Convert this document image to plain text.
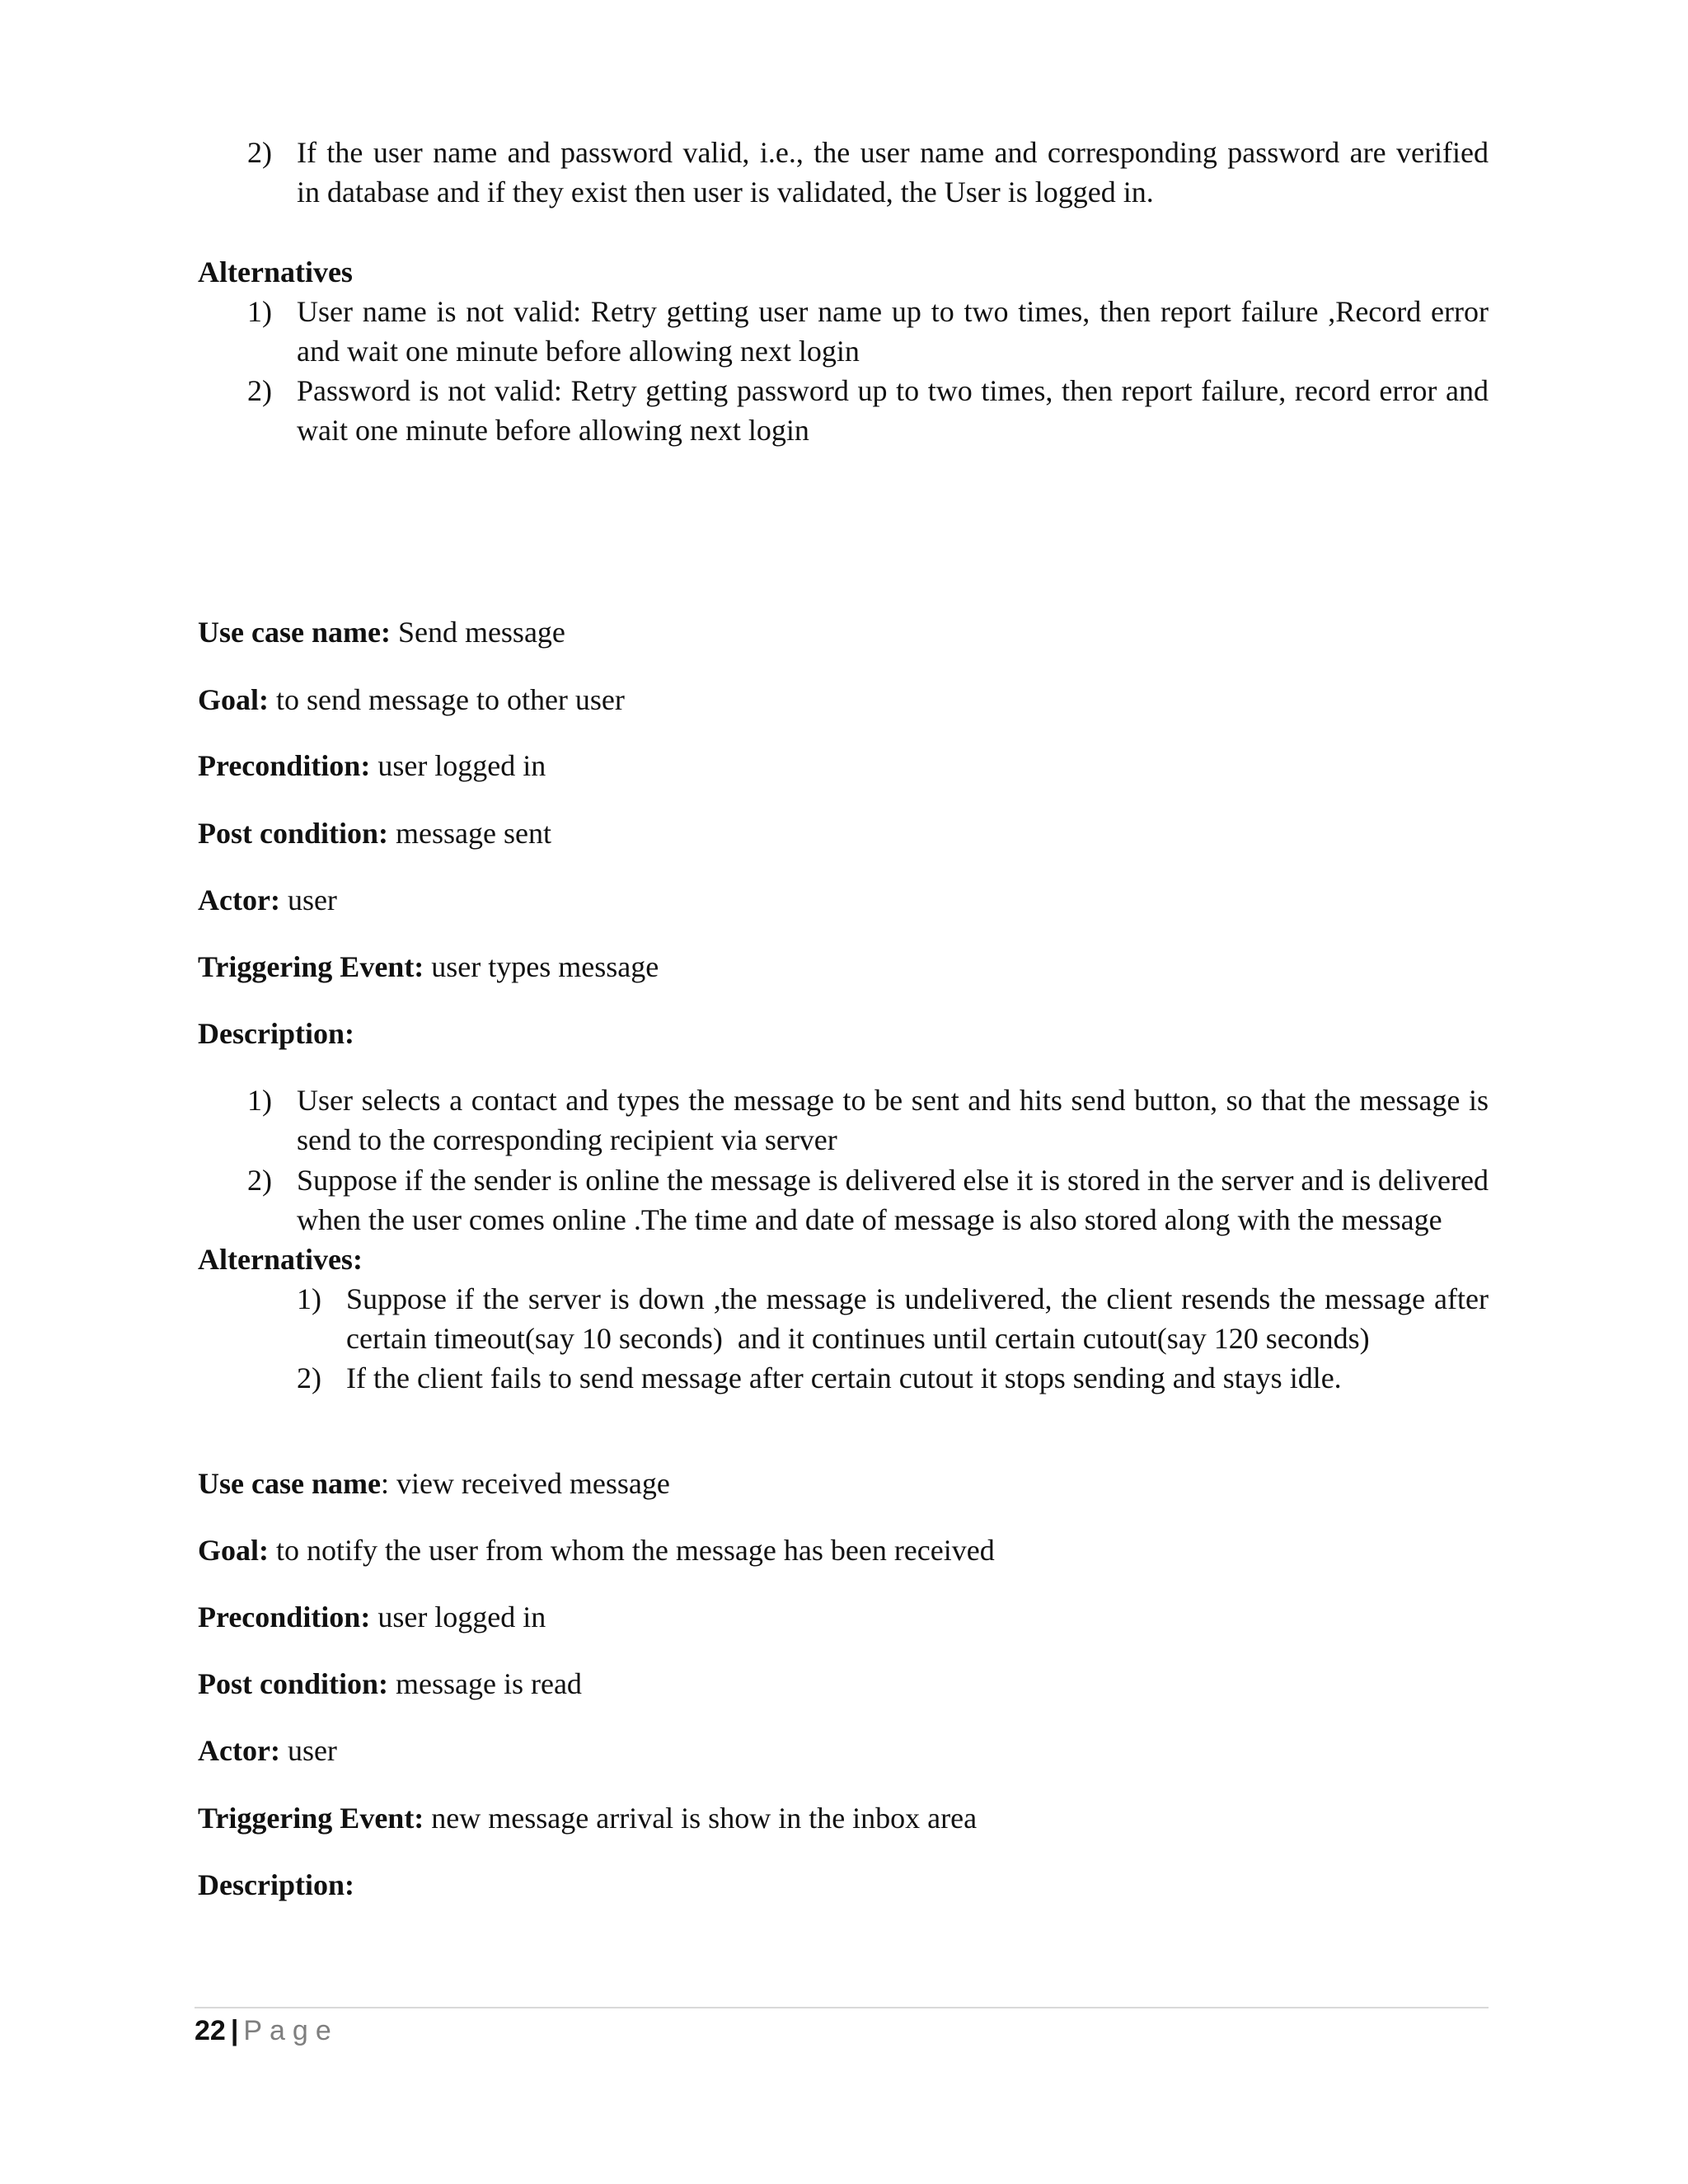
2) If the user name and password valid, i.e., the user name and corresponding password are verified
in database and if they exist then user is validated, the User is logged in.
Alternatives
1) User name is not valid: Retry getting user name up to two times, then report failure ,Record error
and wait one minute before allowing next login
2) Password is not valid: Retry getting password up to two times, then report failure, record error and
wait one minute before allowing next login
Use case name: Send message
Goal: to send message to other user
Precondition: user logged in
Post condition: message sent
Actor: user
Triggering Event: user types message
Description:
1) User selects a contact and types the message to be sent and hits send button, so that the message is
send to the corresponding recipient via server
2) Suppose if the sender is online the message is delivered else it is stored in the server and is delivered
when the user comes online .The time and date of message is also stored along with the message
Alternatives:
1) Suppose if the server is down ,the message is undelivered, the client resends the message after
certain timeout(say 10 seconds)  and it continues until certain cutout(say 120 seconds)
2) If the client fails to send message after certain cutout it stops sending and stays idle.
Use case name: view received message
Goal: to notify the user from whom the message has been received
Precondition: user logged in
Post condition: message is read
Actor: user
Triggering Event: new message arrival is show in the inbox area
Description:
22 | Page
